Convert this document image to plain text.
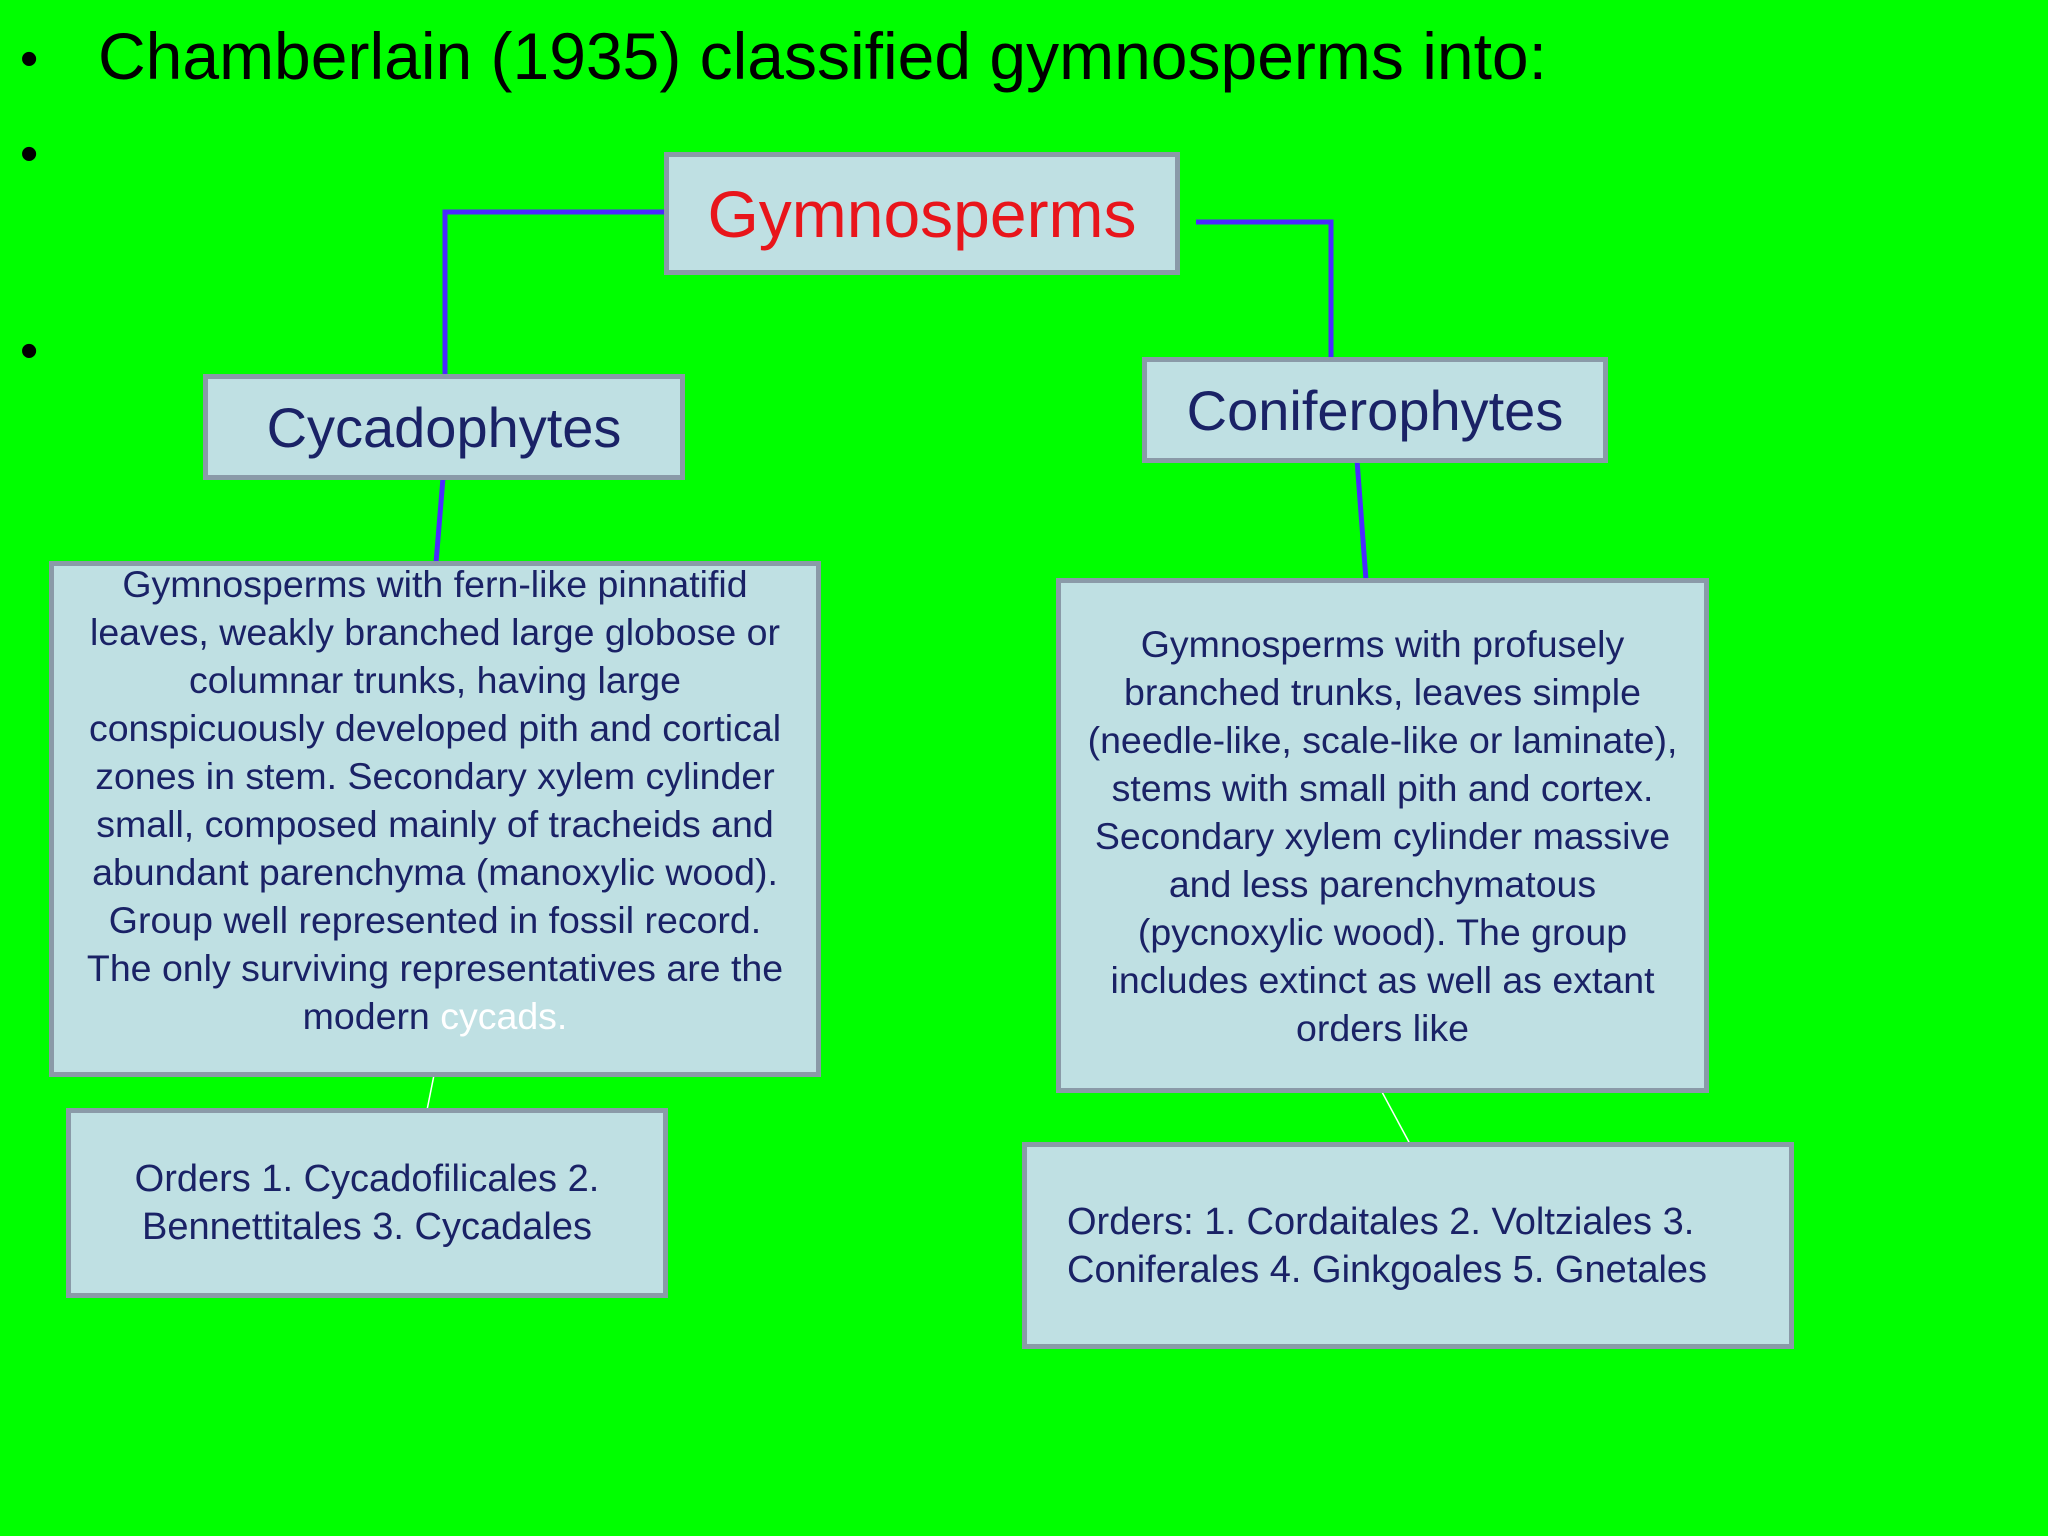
•
•
•
Chamberlain (1935) classified gymnosperms into:
Gymnosperms
Cycadophytes	Coniferophytes
Gymnosperms with fern-like pinnatifid leaves, weakly branched large globose or columnar trunks, having large conspicuously developed pith and cortical zones in stem. Secondary xylem cylinder small, composed mainly of tracheids and abundant parenchyma (manoxylic wood). Group well represented in fossil record. The only surviving representatives are the modern cycads.
Gymnosperms with profusely branched trunks, leaves simple (needle-like, scale-like or laminate), stems with small pith and cortex. Secondary xylem cylinder massive and less parenchymatous (pycnoxylic wood). The group includes extinct as well as extant orders like
Orders 1. Cycadofilicales 2. Bennettitales 3. Cycadales	Orders: 1. Cordaitales 2. Voltziales 3. Coniferales 4. Ginkgoales 5. Gnetales
